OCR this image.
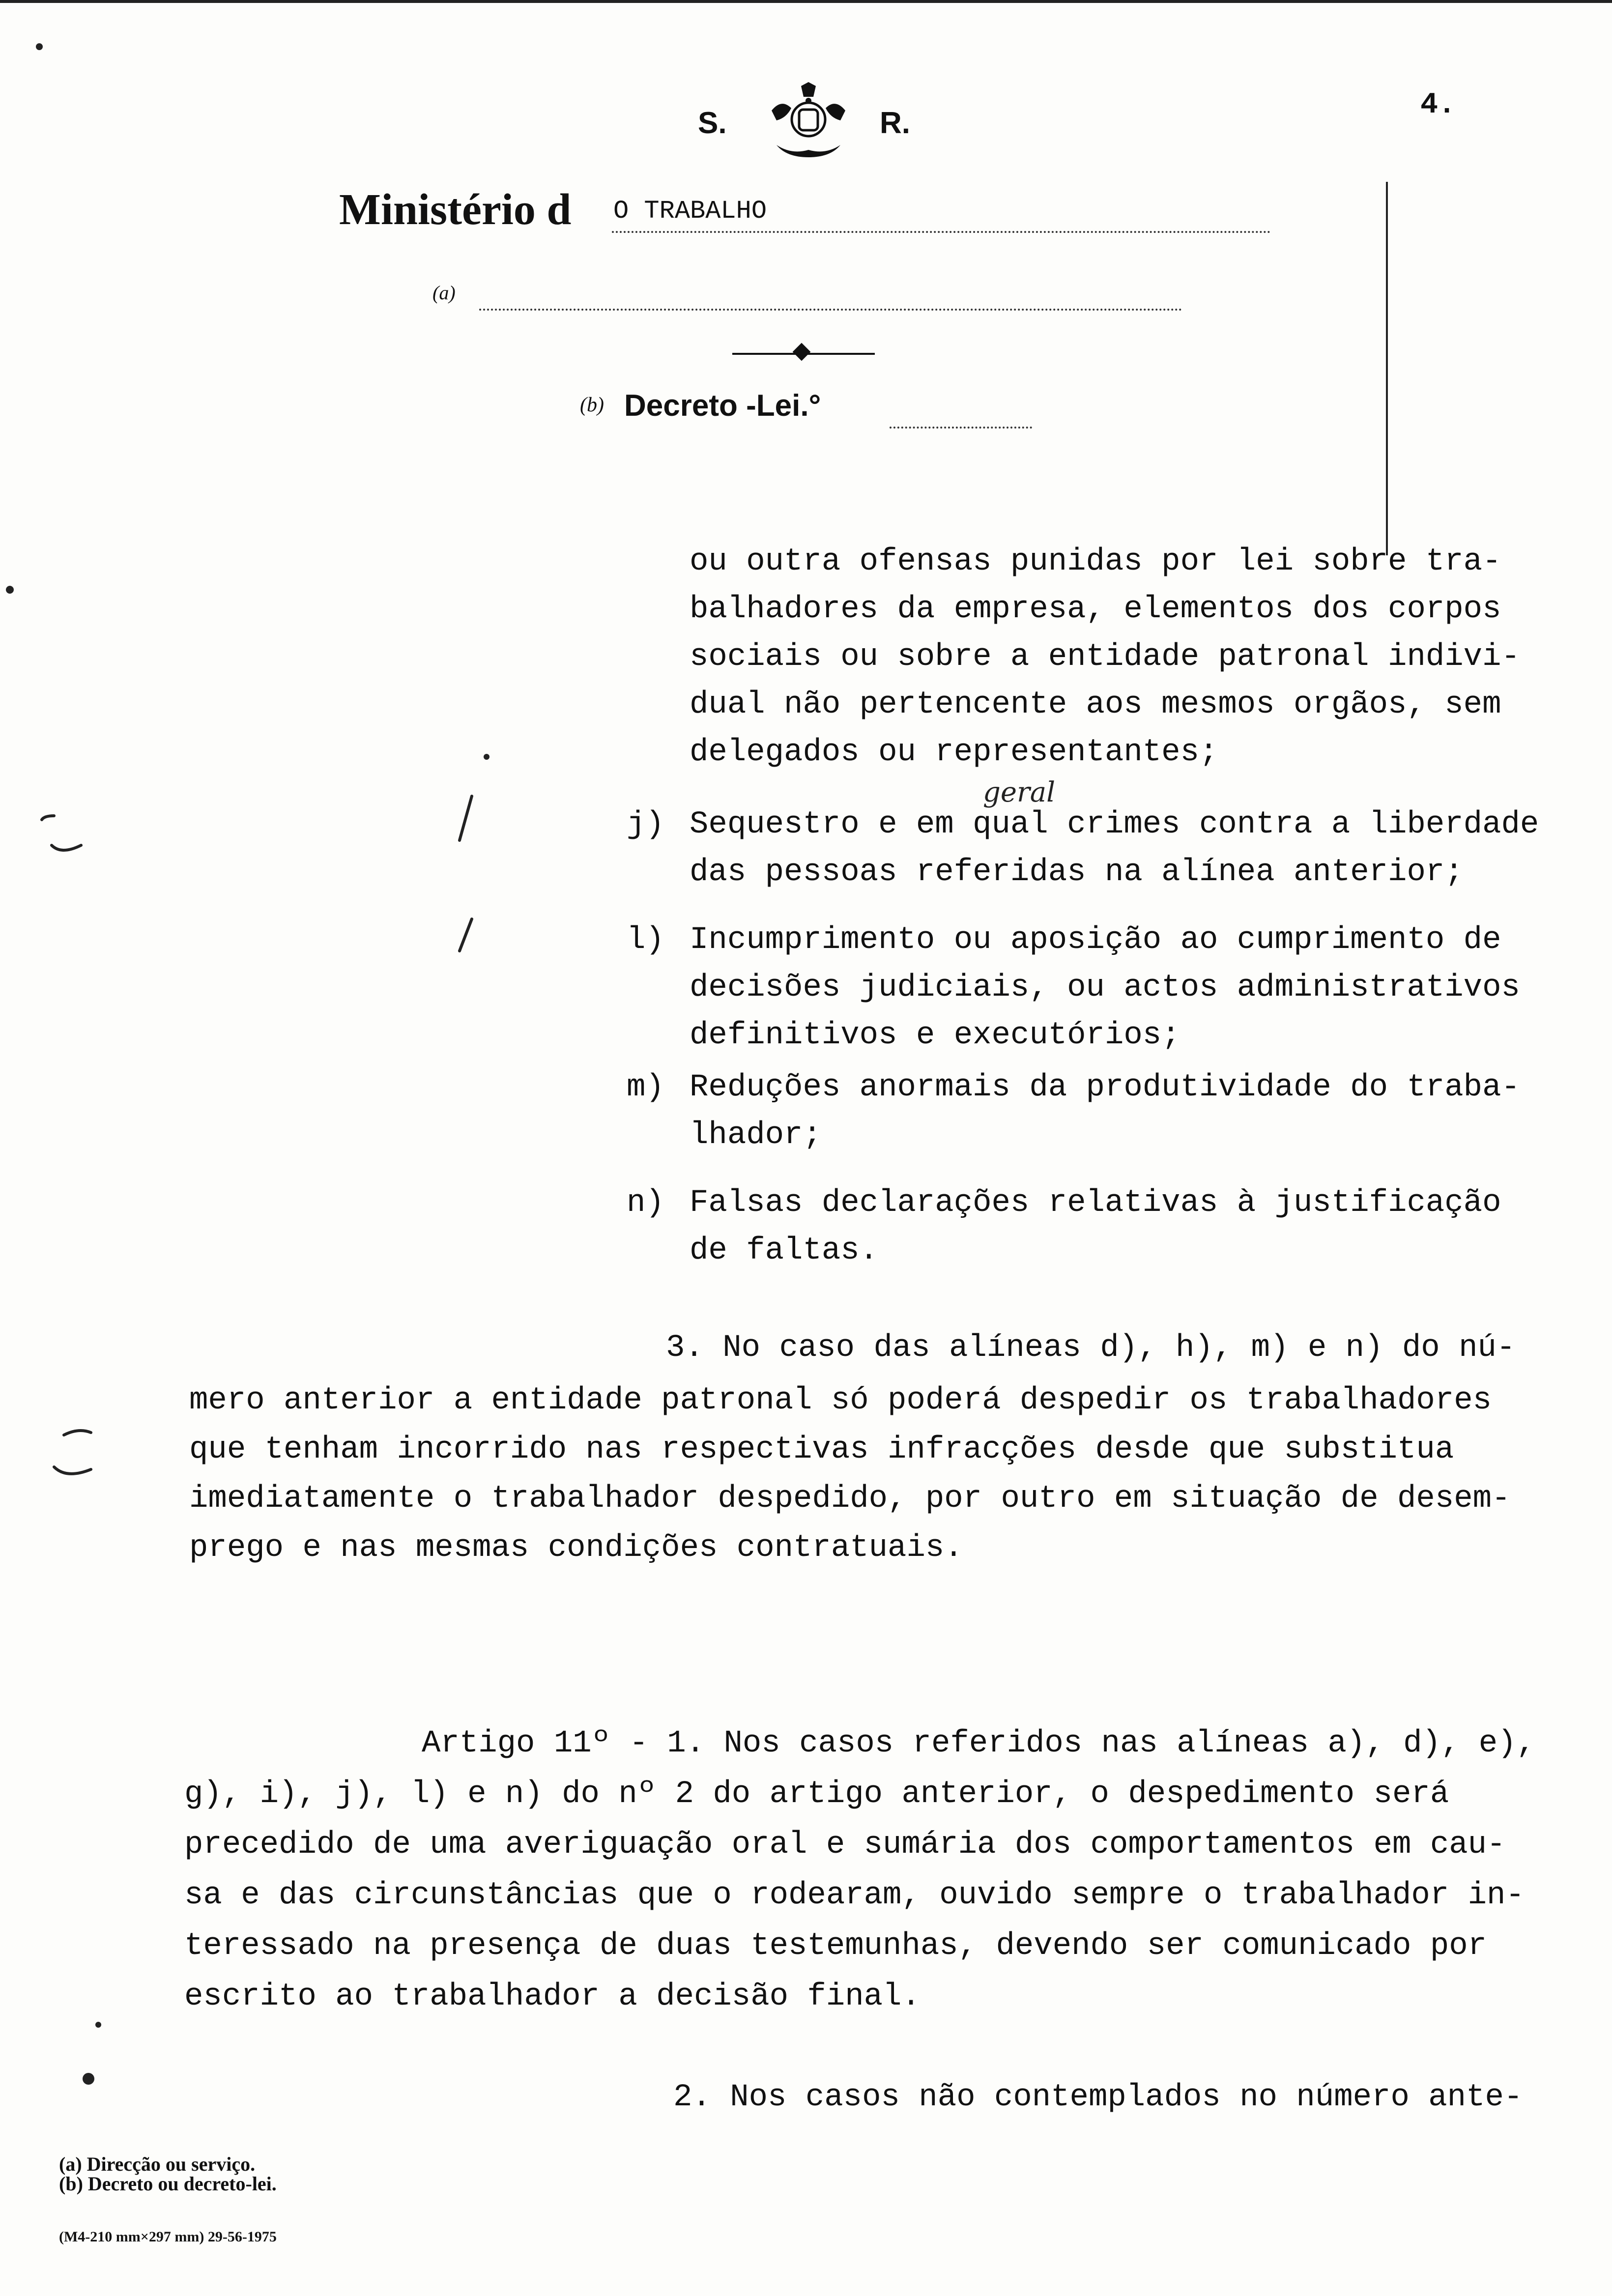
4.
S.	R.
Ministério d O TRABALHO
(a)
(b) Decreto -Lei.°
ou outra ofensas punidas por lei sobre tra-
balhadores da empresa, elementos dos corpos
sociais ou sobre a entidade patronal indivi-
dual não pertencente aos mesmos orgãos, sem
delegados ou representantes;
geral
j) Sequestro e em qual crimes contra a liberdade
das pessoas referidas na alínea anterior;
l) Incumprimento ou aposição ao cumprimento de
decisões judiciais, ou actos administrativos
definitivos e executórios;
m) Reduções anormais da produtividade do traba-
lhador;
n) Falsas declarações relativas à justificação
de faltas.
3. No caso das alíneas d), h), m) e n) do nú-
mero anterior a entidade patronal só poderá despedir os trabalhadores
que tenham incorrido nas respectivas infracções desde que substitua
imediatamente o trabalhador despedido, por outro em situação de desem-
prego e nas mesmas condições contratuais.
Artigo 11º - 1. Nos casos referidos nas alíneas a), d), e),
g), i), j), l) e n) do nº 2 do artigo anterior, o despedimento será
precedido de uma averiguação oral e sumária dos comportamentos em cau-
sa e das circunstâncias que o rodearam, ouvido sempre o trabalhador in-
teressado na presença de duas testemunhas, devendo ser comunicado por
escrito ao trabalhador a decisão final.
2. Nos casos não contemplados no número ante-
(a) Direcção ou serviço.
(b) Decreto ou decreto-lei.
(M4-210 mm×297 mm) 29-56-1975
